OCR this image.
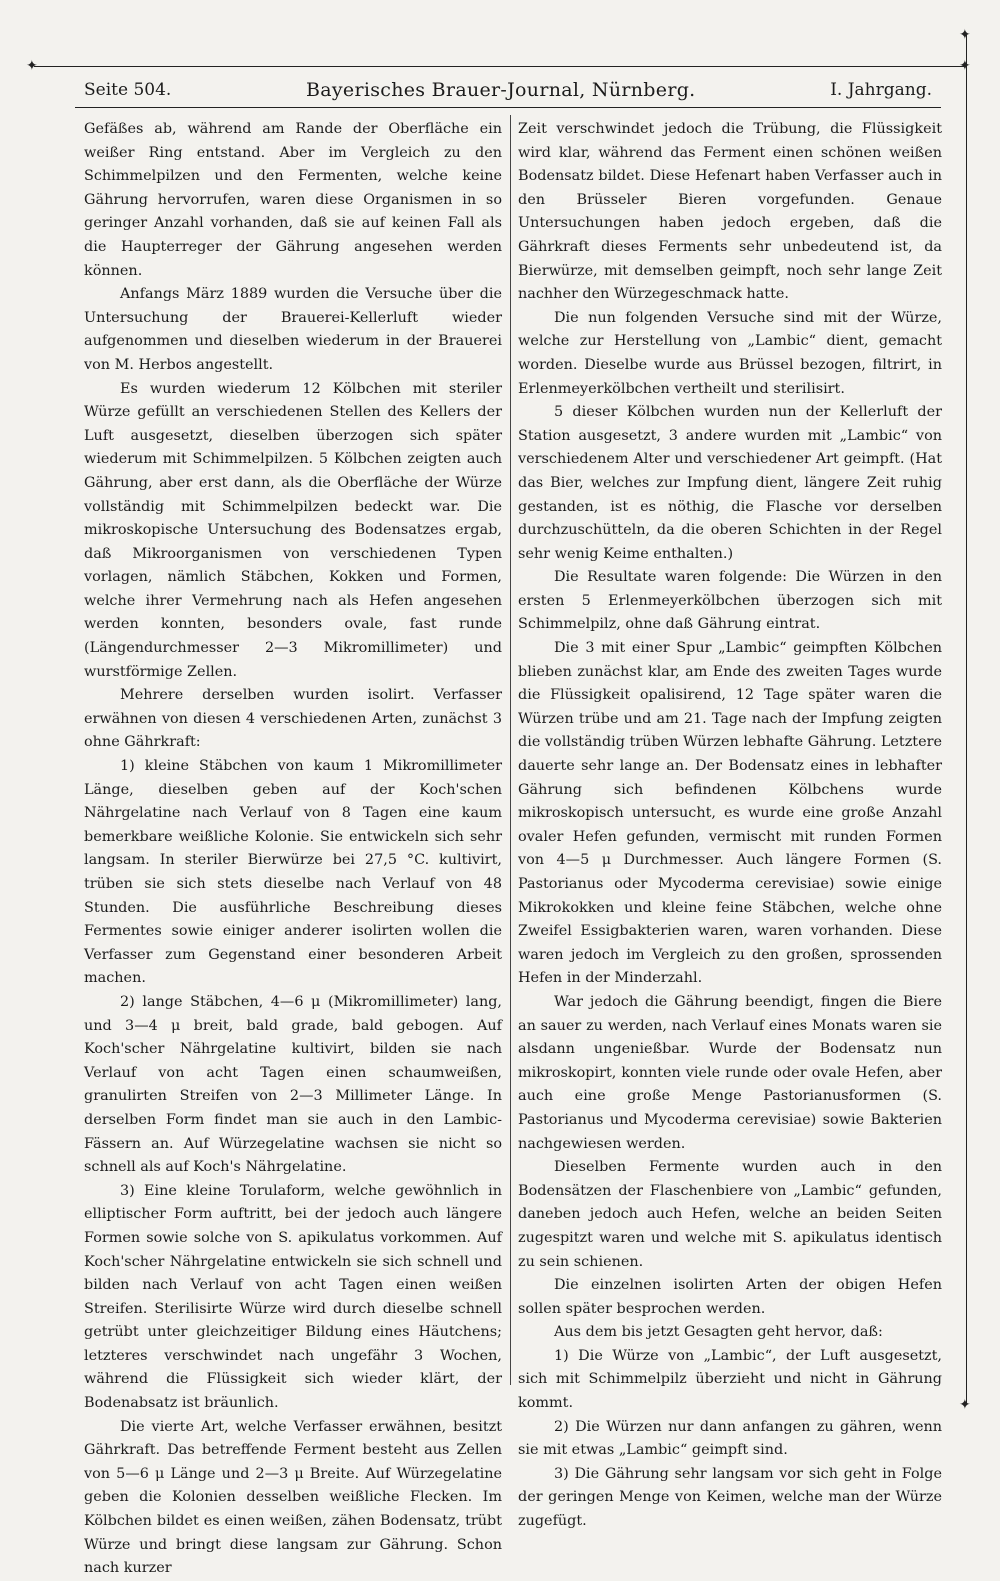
✦	✦
✦
✦
Seite 504.	Bayerisches Brauer-Journal, Nürnberg.	I. Jahrgang.

Gefäßes ab, während am Rande der Oberfläche ein weißer Ring entstand. Aber im Vergleich zu den Schimmelpilzen und den Fermenten, welche keine Gährung hervorrufen, waren diese Organismen in so geringer Anzahl vorhanden, daß sie auf keinen Fall als die Haupterreger der Gährung angesehen werden können.

Anfangs März 1889 wurden die Versuche über die Untersuchung der Brauerei-Kellerluft wieder aufgenommen und dieselben wiederum in der Brauerei von M. Herbos angestellt.

Es wurden wiederum 12 Kölbchen mit steriler Würze gefüllt an verschiedenen Stellen des Kellers der Luft ausgesetzt, dieselben überzogen sich später wiederum mit Schimmelpilzen. 5 Kölbchen zeigten auch Gährung, aber erst dann, als die Oberfläche der Würze vollständig mit Schimmelpilzen bedeckt war. Die mikroskopische Untersuchung des Bodensatzes ergab, daß Mikroorganismen von verschiedenen Typen vorlagen, nämlich Stäbchen, Kokken und Formen, welche ihrer Vermehrung nach als Hefen angesehen werden konnten, besonders ovale, fast runde (Längendurchmesser 2—3 Mikromillimeter) und wurstförmige Zellen.

Mehrere derselben wurden isolirt. Verfasser erwähnen von diesen 4 verschiedenen Arten, zunächst 3 ohne Gährkraft:

1) kleine Stäbchen von kaum 1 Mikromillimeter Länge, dieselben geben auf der Koch'schen Nährgelatine nach Verlauf von 8 Tagen eine kaum bemerkbare weißliche Kolonie. Sie entwickeln sich sehr langsam. In steriler Bierwürze bei 27,5 °C. kultivirt, trüben sie sich stets dieselbe nach Verlauf von 48 Stunden. Die ausführliche Beschreibung dieses Fermentes sowie einiger anderer isolirten wollen die Verfasser zum Gegenstand einer besonderen Arbeit machen.

2) lange Stäbchen, 4—6 μ (Mikromillimeter) lang, und 3—4 μ breit, bald grade, bald gebogen. Auf Koch'scher Nährgelatine kultivirt, bilden sie nach Verlauf von acht Tagen einen schaumweißen, granulirten Streifen von 2—3 Millimeter Länge. In derselben Form findet man sie auch in den Lambic-Fässern an. Auf Würzegelatine wachsen sie nicht so schnell als auf Koch's Nährgelatine.

3) Eine kleine Torulaform, welche gewöhnlich in elliptischer Form auftritt, bei der jedoch auch längere Formen sowie solche von S. apikulatus vorkommen. Auf Koch'scher Nährgelatine entwickeln sie sich schnell und bilden nach Verlauf von acht Tagen einen weißen Streifen. Sterilisirte Würze wird durch dieselbe schnell getrübt unter gleichzeitiger Bildung eines Häutchens; letzteres verschwindet nach ungefähr 3 Wochen, während die Flüssigkeit sich wieder klärt, der Bodenabsatz ist bräunlich.

Die vierte Art, welche Verfasser erwähnen, besitzt Gährkraft. Das betreffende Ferment besteht aus Zellen von 5—6 μ Länge und 2—3 μ Breite. Auf Würzegelatine geben die Kolonien desselben weißliche Flecken. Im Kölbchen bildet es einen weißen, zähen Bodensatz, trübt Würze und bringt diese langsam zur Gährung. Schon nach kurzer

Zeit verschwindet jedoch die Trübung, die Flüssigkeit wird klar, während das Ferment einen schönen weißen Bodensatz bildet. Diese Hefenart haben Verfasser auch in den Brüsseler Bieren vorgefunden. Genaue Untersuchungen haben jedoch ergeben, daß die Gährkraft dieses Ferments sehr unbedeutend ist, da Bierwürze, mit demselben geimpft, noch sehr lange Zeit nachher den Würzegeschmack hatte.

Die nun folgenden Versuche sind mit der Würze, welche zur Herstellung von „Lambic“ dient, gemacht worden. Dieselbe wurde aus Brüssel bezogen, filtrirt, in Erlenmeyerkölbchen vertheilt und sterilisirt.

5 dieser Kölbchen wurden nun der Kellerluft der Station ausgesetzt, 3 andere wurden mit „Lambic“ von verschiedenem Alter und verschiedener Art geimpft. (Hat das Bier, welches zur Impfung dient, längere Zeit ruhig gestanden, ist es nöthig, die Flasche vor derselben durchzuschütteln, da die oberen Schichten in der Regel sehr wenig Keime enthalten.)

Die Resultate waren folgende: Die Würzen in den ersten 5 Erlenmeyerkölbchen überzogen sich mit Schimmelpilz, ohne daß Gährung eintrat.

Die 3 mit einer Spur „Lambic“ geimpften Kölbchen blieben zunächst klar, am Ende des zweiten Tages wurde die Flüssigkeit opalisirend, 12 Tage später waren die Würzen trübe und am 21. Tage nach der Impfung zeigten die vollständig trüben Würzen lebhafte Gährung. Letztere dauerte sehr lange an. Der Bodensatz eines in lebhafter Gährung sich befindenen Kölbchens wurde mikroskopisch untersucht, es wurde eine große Anzahl ovaler Hefen gefunden, vermischt mit runden Formen von 4—5 μ Durchmesser. Auch längere Formen (S. Pastorianus oder Mycoderma cerevisiae) sowie einige Mikrokokken und kleine feine Stäbchen, welche ohne Zweifel Essigbakterien waren, waren vorhanden. Diese waren jedoch im Vergleich zu den großen, sprossenden Hefen in der Minderzahl.

War jedoch die Gährung beendigt, fingen die Biere an sauer zu werden, nach Verlauf eines Monats waren sie alsdann ungenießbar. Wurde der Bodensatz nun mikroskopirt, konnten viele runde oder ovale Hefen, aber auch eine große Menge Pastorianusformen (S. Pastorianus und Mycoderma cerevisiae) sowie Bakterien nachgewiesen werden.

Dieselben Fermente wurden auch in den Bodensätzen der Flaschenbiere von „Lambic“ gefunden, daneben jedoch auch Hefen, welche an beiden Seiten zugespitzt waren und welche mit S. apikulatus identisch zu sein schienen.

Die einzelnen isolirten Arten der obigen Hefen sollen später besprochen werden.

Aus dem bis jetzt Gesagten geht hervor, daß:

1) Die Würze von „Lambic“, der Luft ausgesetzt, sich mit Schimmelpilz überzieht und nicht in Gährung kommt.

2) Die Würzen nur dann anfangen zu gähren, wenn sie mit etwas „Lambic“ geimpft sind.

3) Die Gährung sehr langsam vor sich geht in Folge der geringen Menge von Keimen, welche man der Würze zugefügt.
